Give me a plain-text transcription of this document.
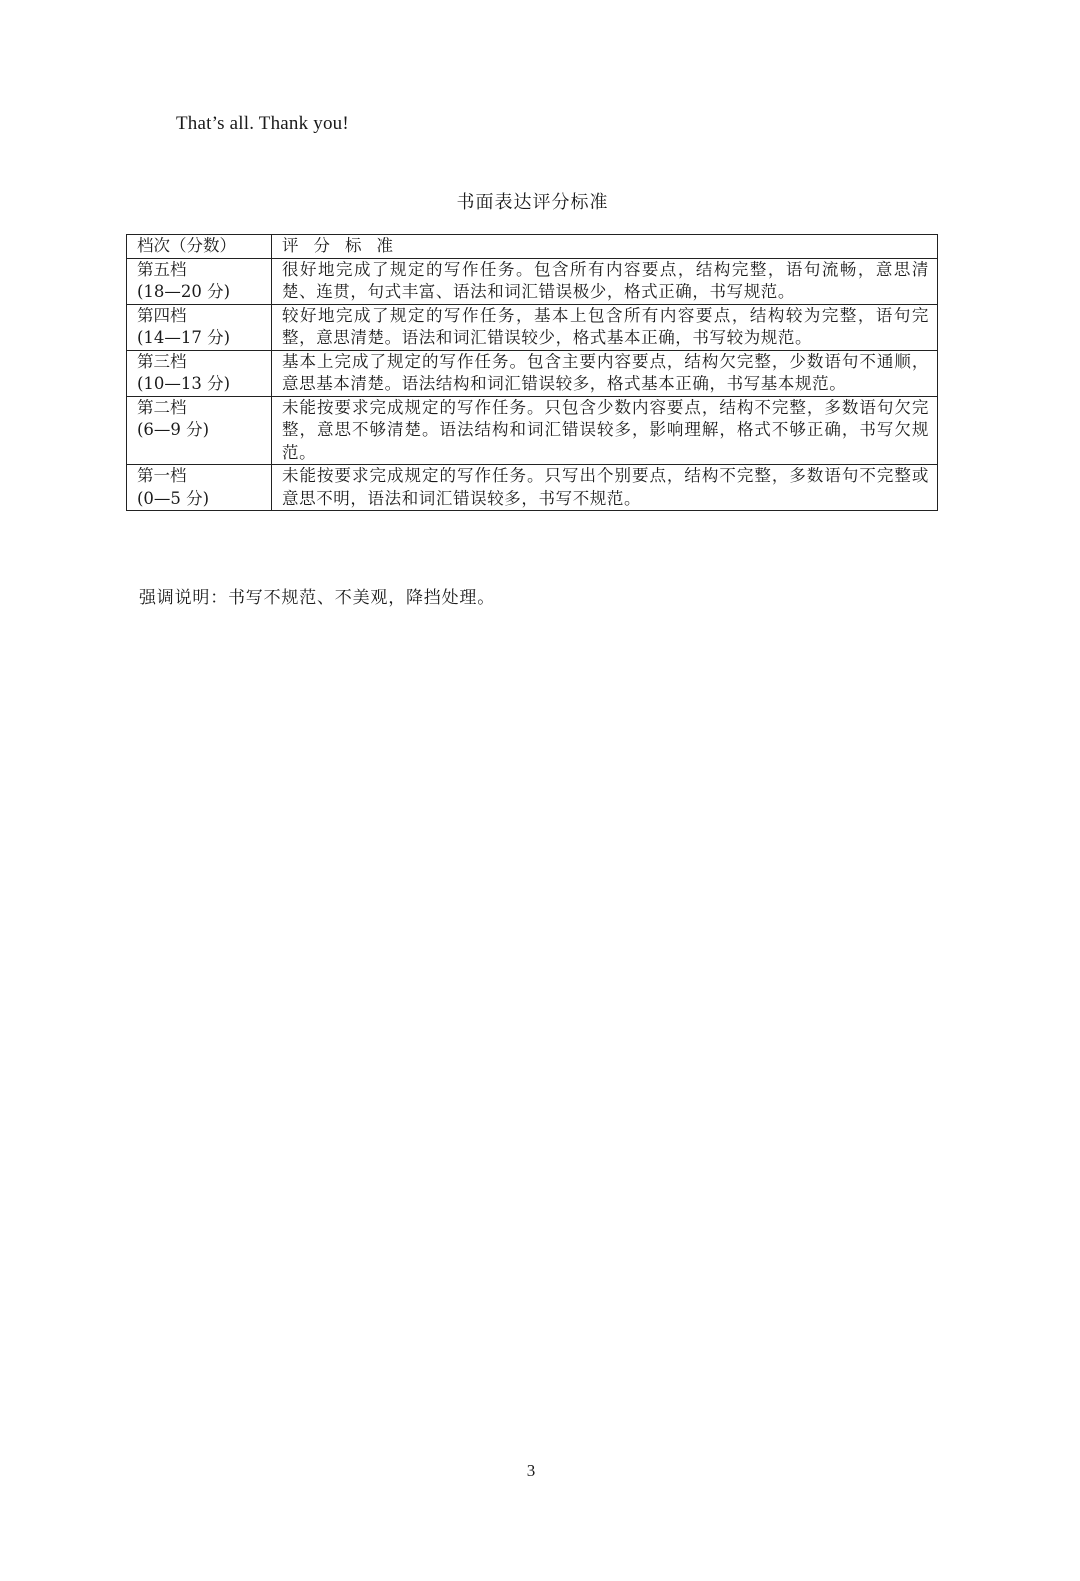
That’s all. Thank you!
书面表达评分标准
档次（分数）	评分标准

第五档
(18—20 分)	很好地完成了规定的写作任务。包含所有内容要点，结构完整，语句流畅，意思清楚、连贯，句式丰富、语法和词汇错误极少，格式正确，书写规范。

第四档
(14—17 分)	较好地完成了规定的写作任务，基本上包含所有内容要点，结构较为完整，语句完整，意思清楚。语法和词汇错误较少，格式基本正确，书写较为规范。

第三档
(10—13 分)	基本上完成了规定的写作任务。包含主要内容要点，结构欠完整，少数语句不通顺，意思基本清楚。语法结构和词汇错误较多，格式基本正确，书写基本规范。

第二档
(6—9 分)	未能按要求完成规定的写作任务。只包含少数内容要点，结构不完整，多数语句欠完整，意思不够清楚。语法结构和词汇错误较多，影响理解，格式不够正确，书写欠规范。

第一档
(0—5 分)	未能按要求完成规定的写作任务。只写出个别要点，结构不完整，多数语句不完整或意思不明，语法和词汇错误较多，书写不规范。
强调说明：书写不规范、不美观，降挡处理。
3
